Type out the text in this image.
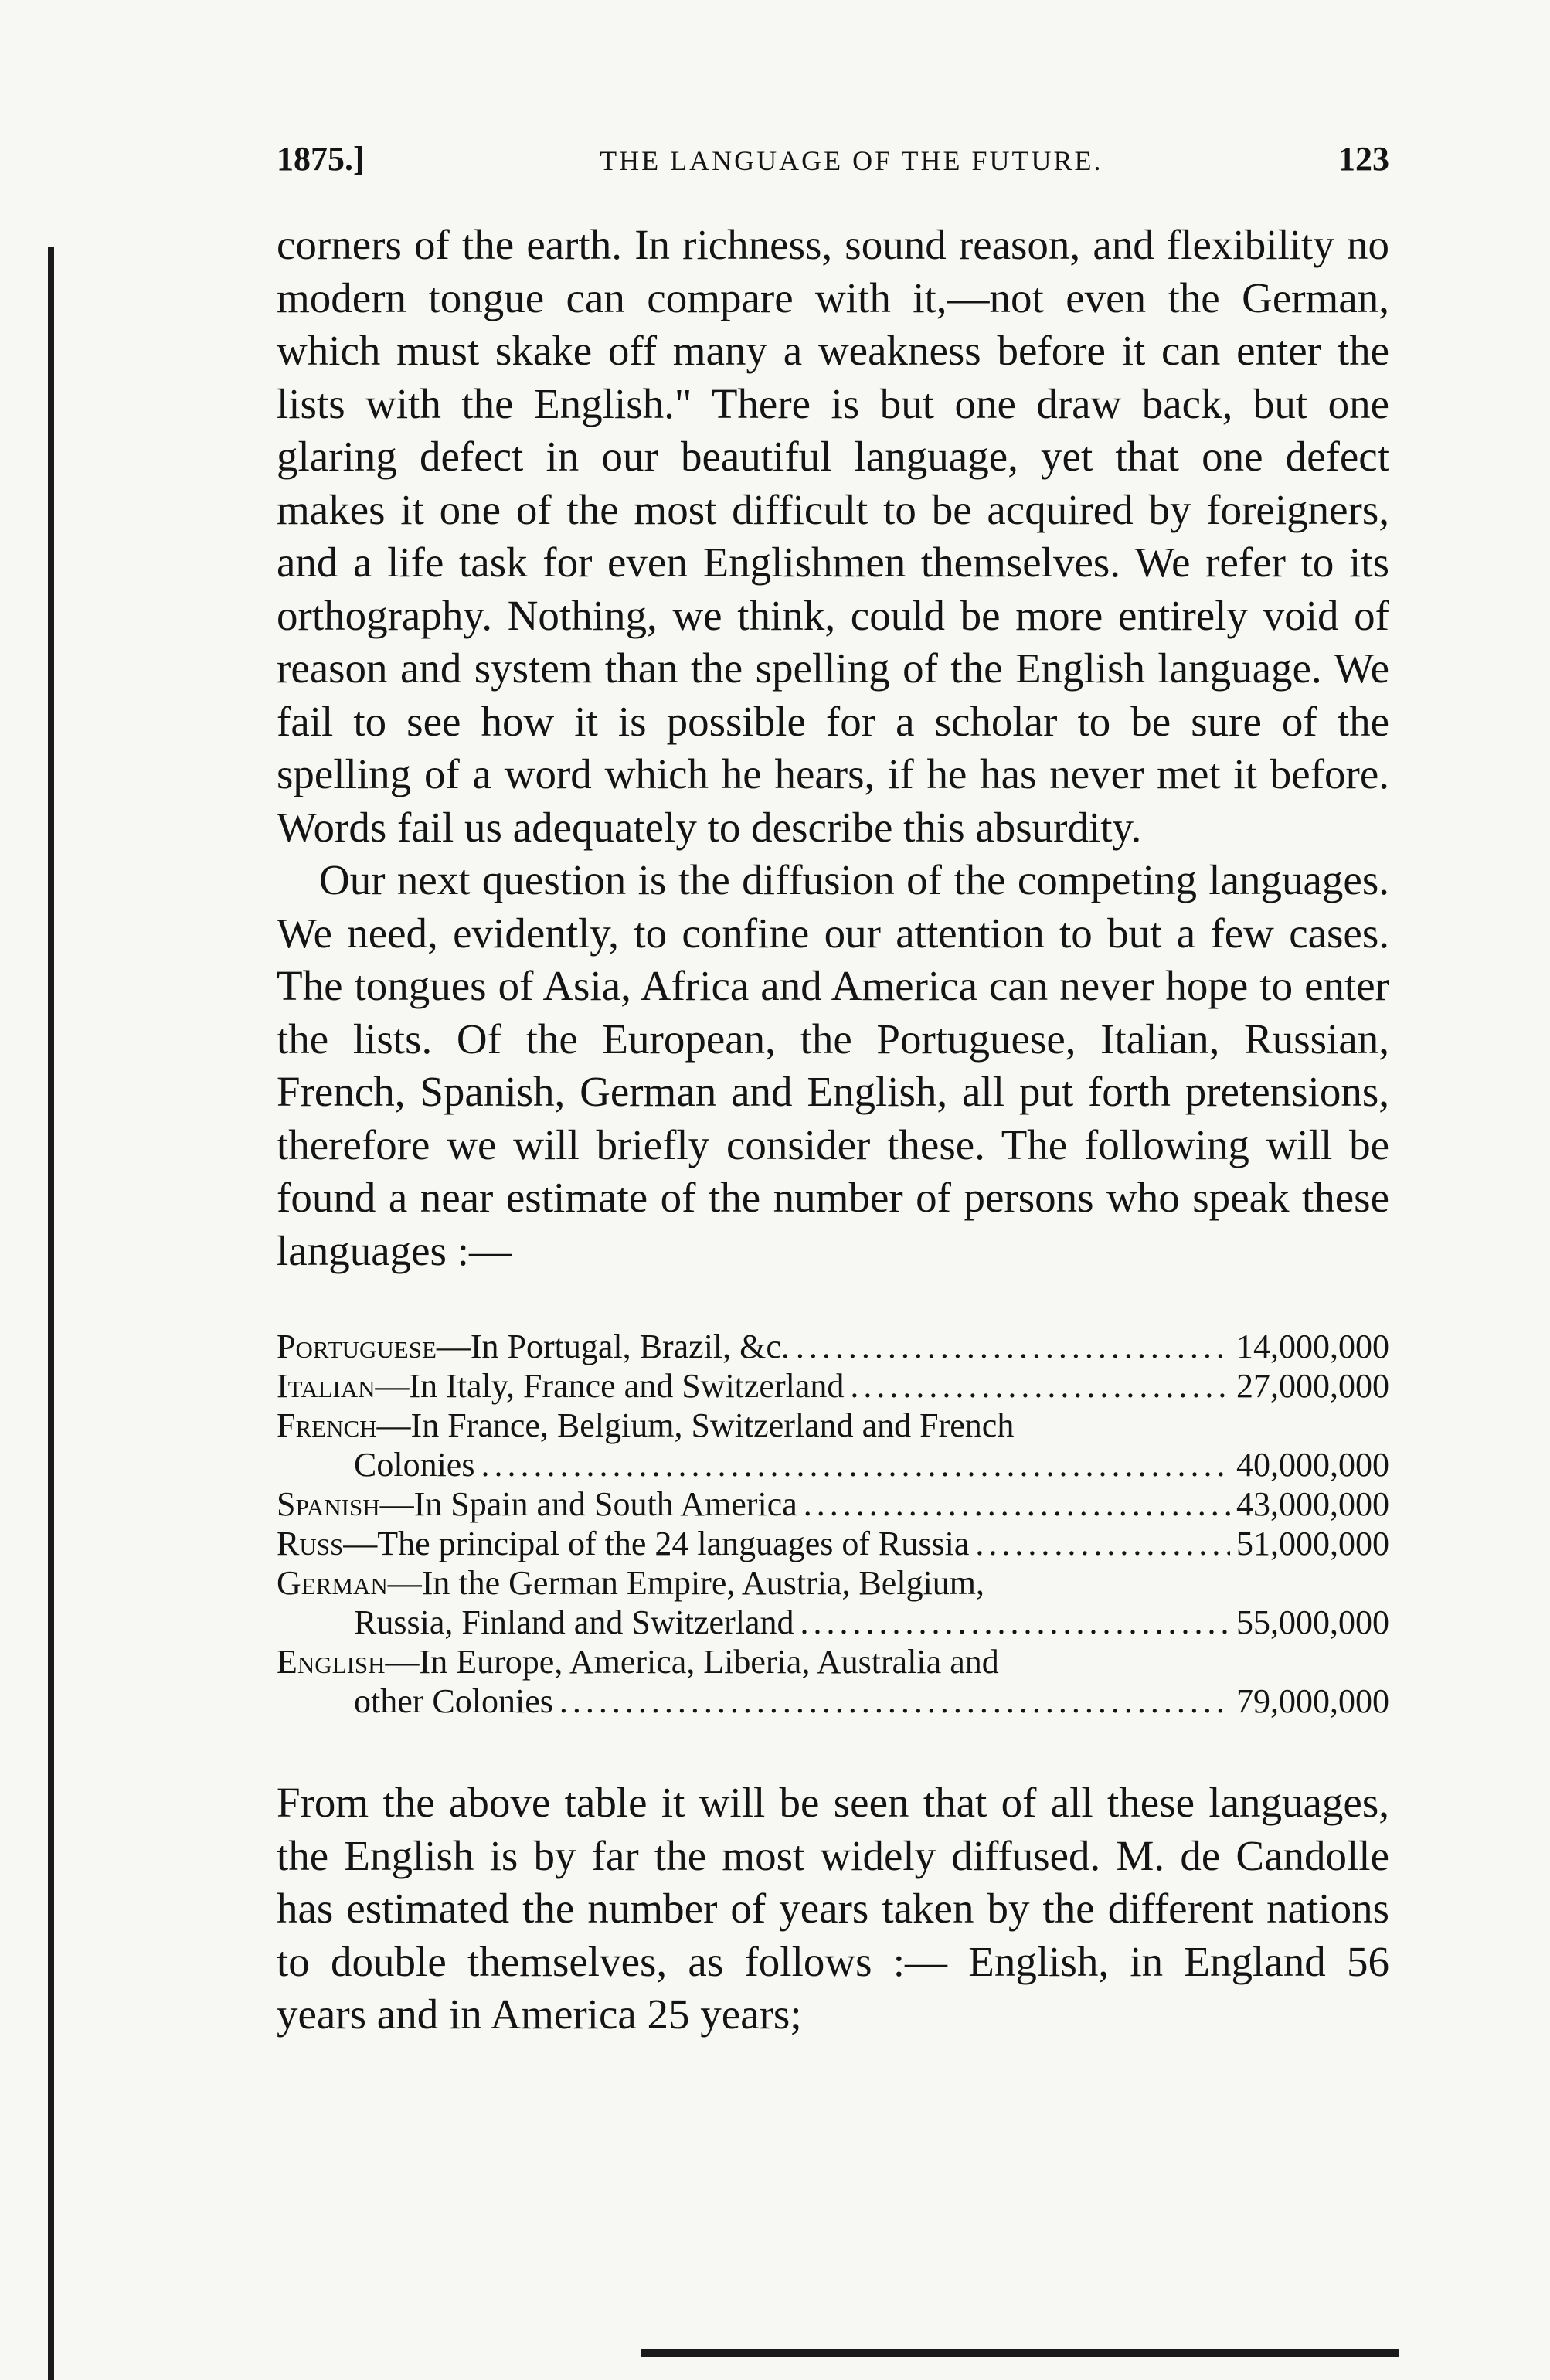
1875.]	THE LANGUAGE OF THE FUTURE.	123

corners of the earth. In richness, sound reason, and flexibility no modern tongue can compare with it,—not even the German, which must skake off many a weakness before it can enter the lists with the English." There is but one draw back, but one glaring defect in our beautiful language, yet that one defect makes it one of the most difficult to be acquired by foreigners, and a life task for even Englishmen themselves. We refer to its orthography. Nothing, we think, could be more entirely void of reason and system than the spelling of the English language. We fail to see how it is possible for a scholar to be sure of the spelling of a word which he hears, if he has never met it before. Words fail us adequately to describe this absurdity.

Our next question is the diffusion of the competing languages. We need, evidently, to confine our attention to but a few cases. The tongues of Asia, Africa and America can never hope to enter the lists. Of the European, the Portuguese, Italian, Russian, French, Spanish, German and English, all put forth pretensions, therefore we will briefly consider these. The following will be found a near estimate of the number of persons who speak these languages :—

Portuguese—In Portugal, Brazil, &c. .....	14,000,000
Italian—In Italy, France and Switzerland .....	27,000,000
French—In France, Belgium, Switzerland and French
Colonies .....	40,000,000
Spanish—In Spain and South America .....	43,000,000
Russ—The principal of the 24 languages of Russia .....	51,000,000
German—In the German Empire, Austria, Belgium,
Russia, Finland and Switzerland .....	55,000,000
English—In Europe, America, Liberia, Australia and
other Colonies .....	79,000,000

From the above table it will be seen that of all these languages, the English is by far the most widely diffused. M. de Candolle has estimated the number of years taken by the different nations to double themselves, as follows :— English, in England 56 years and in America 25 years;
